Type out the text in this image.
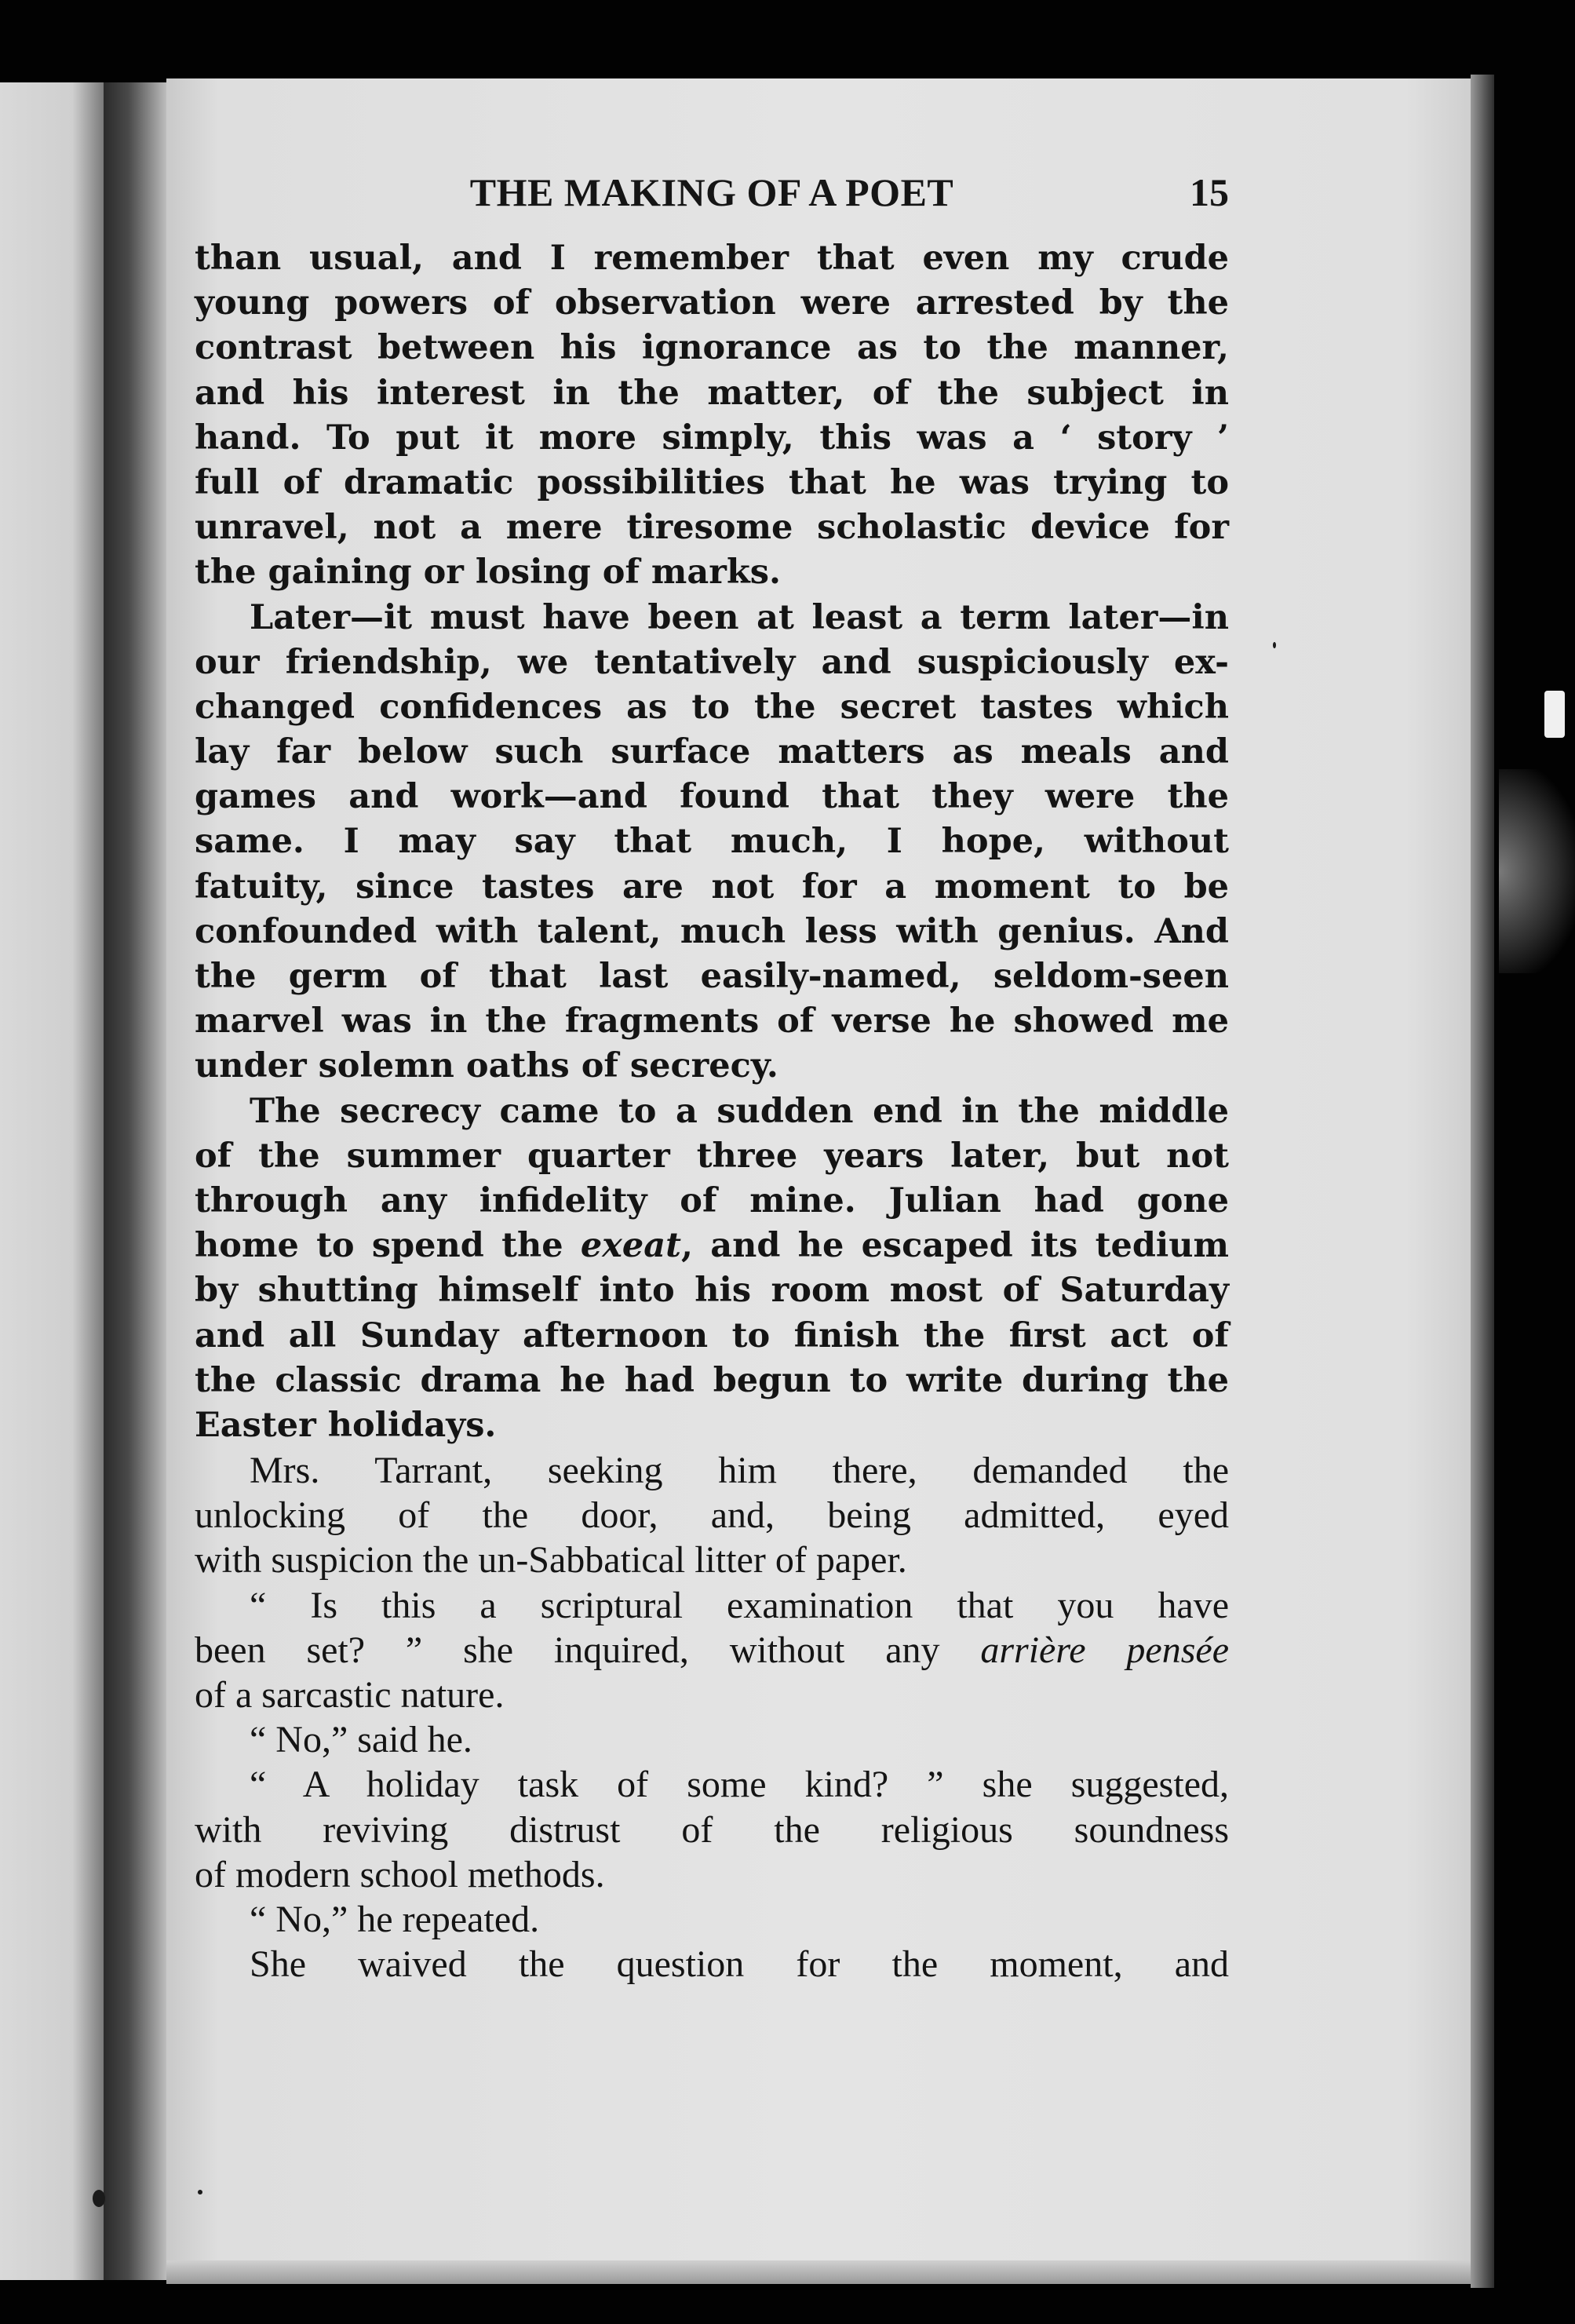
THE MAKING OF A POET	15
than usual, and I remember that even my crude
young powers of observation were arrested by the
contrast between his ignorance as to the manner,
and his interest in the matter, of the subject in
hand. To put it more simply, this was a ‘ story ’
full of dramatic possibilities that he was trying to
unravel, not a mere tiresome scholastic device for
the gaining or losing of marks.
Later—it must have been at least a term later—in
our friendship, we tentatively and suspiciously ex-
changed confidences as to the secret tastes which
lay far below such surface matters as meals and
games and work—and found that they were the
same. I may say that much, I hope, without
fatuity, since tastes are not for a moment to be
confounded with talent, much less with genius. And
the germ of that last easily-named, seldom-seen
marvel was in the fragments of verse he showed me
under solemn oaths of secrecy.
The secrecy came to a sudden end in the middle
of the summer quarter three years later, but not
through any infidelity of mine. Julian had gone
home to spend the exeat, and he escaped its tedium
by shutting himself into his room most of Saturday
and all Sunday afternoon to finish the first act of
the classic drama he had begun to write during the
Easter holidays.
Mrs. Tarrant, seeking him there, demanded the
unlocking of the door, and, being admitted, eyed
with suspicion the un-Sabbatical litter of paper.
“ Is this a scriptural examination that you have
been set? ” she inquired, without any arrière pensée
of a sarcastic nature.
“ No,” said he.
“ A holiday task of some kind? ” she suggested,
with reviving distrust of the religious soundness
of modern school methods.
“ No,” he repeated.
She waived the question for the moment, and
